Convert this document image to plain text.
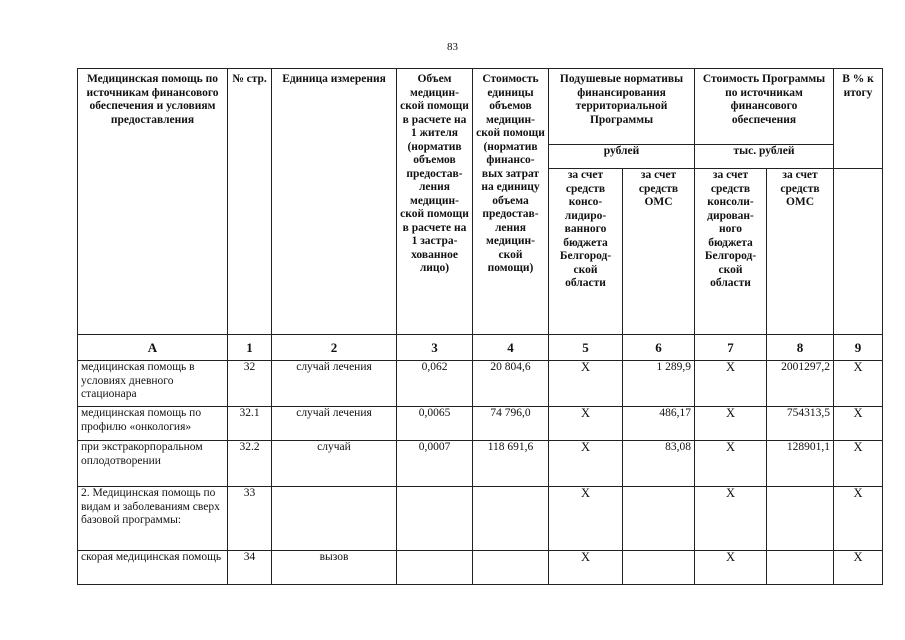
83
Медицинская помощь по источникам финансового обеспечения и условиям предоставления	№ стр.	Единица измерения	Объем медицин-ской помощи в расчете на 1 жителя (норматив объемов предостав-ления медицин-ской помощи в расчете на 1 застра-хованное лицо)	Стоимость единицы объемов медицин-ской помощи (норматив финансо-вых затрат на единицу объема предостав-ления медицин-ской помощи)	Подушевые нормативы финансирования территориальной Программы		Стоимость Программы по источникам финансового обеспечения		В % к итогу
					рублей		тыс. рублей		
					за счет средств консо-лидиро-ванного бюджета Белгород-ской области	за счет средств ОМС	за счет средств консоли-дирован-ного бюджета Белгород-ской области	за счет средств ОМС	
А	1	2	3	4	5	6	7	8	9
медицинская помощь в условиях дневного стационара	32	случай лечения	0,062	20 804,6	Х	1 289,9	Х	2001297,2	Х
медицинская помощь по профилю «онкология»	32.1	случай лечения	0,0065	74 796,0	Х	486,17	Х	754313,5	Х
при экстракорпоральном оплодотворении	32.2	случай	0,0007	118 691,6	Х	83,08	Х	128901,1	Х
2. Медицинская помощь по видам и заболеваниям сверх базовой программы:	33				Х		Х		Х
скорая медицинская помощь	34	вызов			Х		Х		Х
